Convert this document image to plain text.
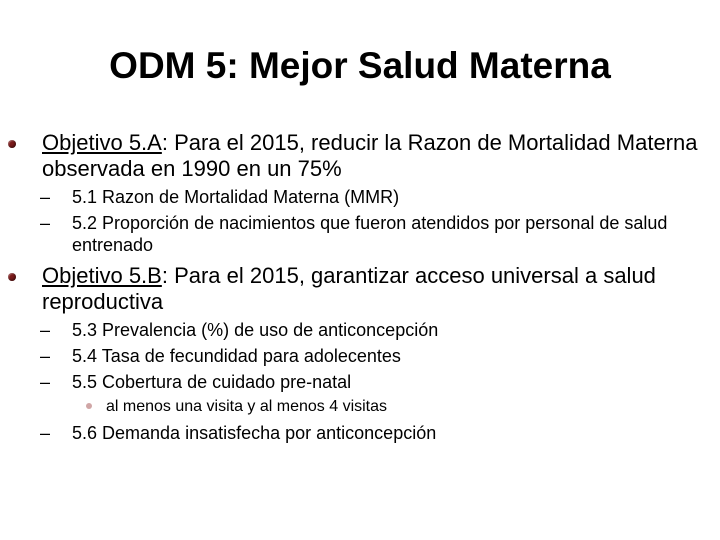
ODM 5: Mejor Salud Materna
Objetivo 5.A: Para el 2015, reducir la Razon de Mortalidad Materna observada en 1990 en un 75%
– 5.1 Razon de Mortalidad Materna (MMR)
– 5.2 Proporción de nacimientos que fueron atendidos por personal de salud entrenado
Objetivo 5.B: Para el 2015, garantizar acceso universal a salud reproductiva
– 5.3 Prevalencia (%) de uso de anticoncepción
– 5.4 Tasa de fecundidad para adolecentes
– 5.5 Cobertura de cuidado pre-natal
al menos una visita y al menos 4 visitas
– 5.6 Demanda insatisfecha por anticoncepción
